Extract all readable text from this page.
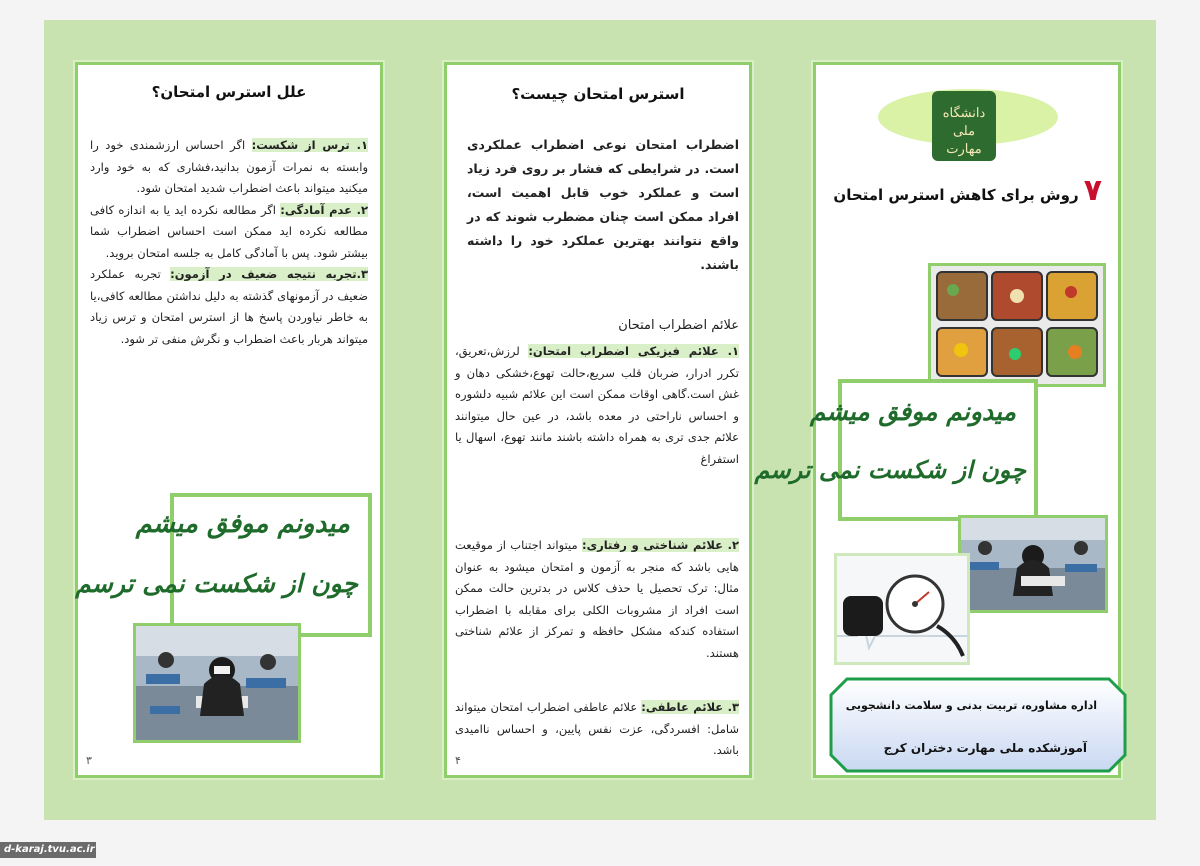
علل استرس امتحان؟
۱. ترس از شکست: اگر احساس ارزشمندی خود را وابسته به نمرات آزمون بدانید،فشاری که به خود وارد میکنید میتواند باعث اضطراب شدید امتحان شود.
۲. عدم آمادگی: اگر مطالعه نکرده اید یا به اندازه کافی مطالعه نکرده اید ممکن است احساس اضطراب شما بیشتر شود. پس با آمادگی کامل به جلسه امتحان بروید.
۳.تجربه نتیجه ضعیف در آزمون: تجربه عملکرد ضعیف در آزمونهای گذشته به دلیل نداشتن مطالعه کافی،یا به خاطر نیاوردن پاسخ ها از استرس امتحان و ترس زیاد میتواند هربار باعث اضطراب و نگرش منفی تر شود.
میدونم موفق میشم
چون از شکست نمی ترسم
۳
استرس امتحان چیست؟
اضطراب امتحان نوعی اضطراب عملکردی است. در شرایطی که فشار بر روی فرد زیاد است و عملکرد خوب قابل اهمیت است، افراد ممکن است چنان مضطرب شوند که در واقع نتوانند بهترین عملکرد خود را داشته باشند.
علائم اضطراب امتحان
۱. علائم فیزیکی اضطراب امتحان: لرزش،تعریق، تکرر ادرار، ضربان قلب سریع،حالت تهوع،خشکی دهان و غش است.گاهی اوقات ممکن است این علائم شبیه دلشوره و احساس ناراحتی در معده باشد، در عین حال میتوانند علائم جدی تری به همراه داشته باشند مانند تهوع، اسهال یا استفراغ
۲. علائم شناختی و رفتاری: میتواند اجتناب از موقیعت هایی باشد که منجر به آزمون و امتحان میشود به عنوان مثال: ترک تحصیل یا حذف کلاس در بدترین حالت ممکن است افراد از مشروبات الکلی برای مقابله با اضطراب استفاده کندکه مشکل حافظه و تمرکز از علائم شناختی هستند.
۳. علائم عاطفی: علائم عاطفی اضطراب امتحان میتواند شامل: افسردگی، عزت نفس پایین، و احساس ناامیدی باشد.
۴
دانشگاه ملی
مهارت
۷ روش برای کاهش استرس امتحان
میدونم موفق میشم
چون از شکست نمی ترسم
اداره مشاوره، تربیت بدنی و سلامت دانشجویی
آموزشکده ملی مهارت دختران کرج
d-karaj.tvu.ac.ir
